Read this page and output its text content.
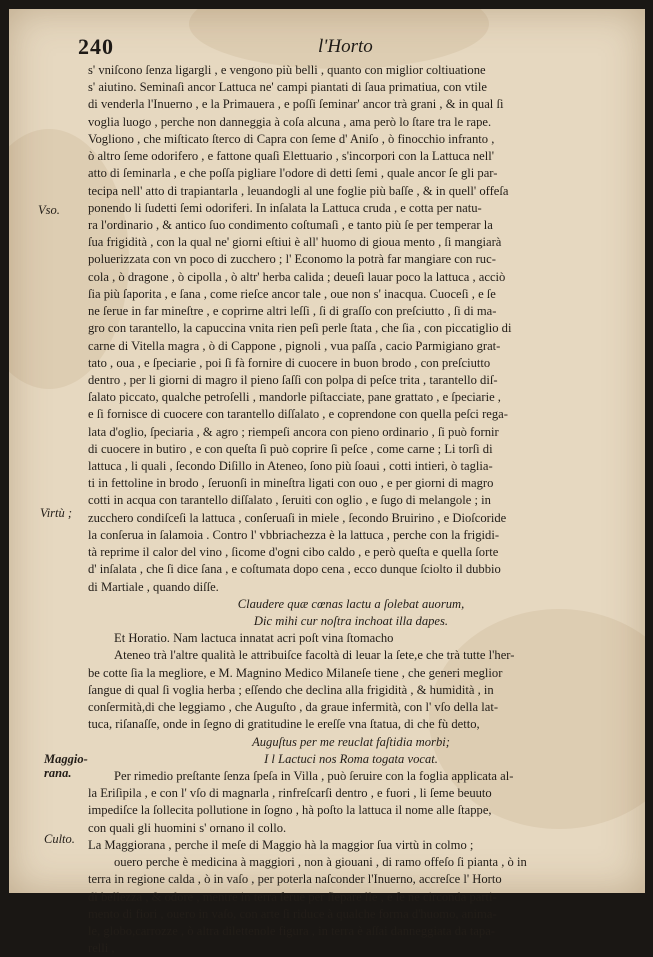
240	l'Horto
Vso.
Virtù ;
Maggio-
rana.
Culto.
s' vniſcono ſenza ligargli , e vengono più belli , quanto con miglior coltiuatione
s' aiutino. Seminaſi ancor Lattuca ne' campi piantati di ſaua primatiua, con vtile
di venderla l'Inuerno , e la Primauera , e poſſi ſeminar' ancor trà grani , & in qual ſi
voglia luogo , perche non danneggia à coſa alcuna , ama però lo ſtare tra le rape.
Vogliono , che miſticato ſterco di Capra con ſeme d' Aniſo , ò finocchio infranto ,
ò altro ſeme odorifero , e fattone quaſi Elettuario , s'incorpori con la Lattuca nell'
atto di ſeminarla , e che poſſa pigliare l'odore di detti ſemi , quale ancor ſe gli par-
tecipa nell' atto di trapiantarla , leuandogli al une foglie più baſſe , & in quell' offeſa
ponendo li ſudetti ſemi odoriferi. In inſalata la Lattuca cruda , e cotta per natu-
ra l'ordinario , & antico ſuo condimento coſtumaſi , e tanto più ſe per temperar la
ſua frigidità , con la qual ne' giorni eſtiui è all' huomo di gioua mento , ſi mangiarà
poluerizzata con vn poco di zucchero ; l' Economo la potrà far mangiare con ruc-
cola , ò dragone , ò cipolla , ò altr' herba calida ; deueſi lauar poco la lattuca , acciò
ſia più ſaporita , e ſana , come rieſce ancor tale , oue non s' inacqua. Cuoceſi , e ſe
ne ſerue in far mineſtre , e coprirne altri leſſi , ſi di graſſo con preſciutto , ſi di ma-
gro con tarantello, la capuccina vnita rien peſi perle ſtata , che ſia , con piccatiglio di
carne di Vitella magra , ò di Cappone , pignoli , vua paſſa , cacio Parmigiano grat-
tato , oua , e ſpeciarie , poi ſi fà fornire di cuocere in buon brodo , con preſciutto
dentro , per li giorni di magro il pieno ſaſſi con polpa di peſce trita , tarantello diſ-
ſalato piccato, qualche petroſelli , mandorle piſtacciate, pane grattato , e ſpeciarie ,
e ſi fornisce di cuocere con tarantello diſſalato , e coprendone con quella peſci rega-
lata d'oglio, ſpeciaria , & agro ; riempeſi ancora con pieno ordinario , ſi può fornir
di cuocere in butiro , e con queſta ſi può coprire ſi peſce , come carne ; Li torſi di
lattuca , li quali , ſecondo Diſillo in Ateneo, ſono più ſoaui , cotti intieri, ò taglia-
ti in fettoline in brodo , ſeruonſi in mineſtra ligati con ouo , e per giorni di magro
cotti in acqua con tarantello diſſalato , ſeruiti con oglio , e ſugo di melangole ; in
zucchero condiſceſi la lattuca , conſeruaſi in miele , ſecondo Bruirino , e Dioſcoride
la conſerua in ſalamoia . Contro l' vbbriachezza è la lattuca , perche con la frigidi-
tà reprime il calor del vino , ſicome d'ogni cibo caldo , e però queſta e quella ſorte
d' inſalata , che ſi dice ſana , e coſtumata dopo cena , ecco dunque ſciolto il dubbio
di Martiale , quando diſſe.
Claudere quæ cœnas lactu a ſolebat auorum,
Dic mihi cur noſtra inchoat illa dapes.
Et Horatio. Nam lactuca innatat acri poſt vina ſtomacho
Ateneo trà l'altre qualità le attribuiſce facoltà di leuar la ſete,e che trà tutte l'her-
be cotte ſia la megliore, e M. Magnino Medico Milaneſe tiene , che generi meglior
ſangue di qual ſi voglia herba ; eſſendo che declina alla frigidità , & humidità , in
conſermità,di che leggiamo , che Auguſto , da graue infermità, con l' vſo della lat-
tuca, riſanaſſe, onde in ſegno di gratitudine le ereſſe vna ſtatua, di che fù detto,
Auguſtus per me reuclat faſtidia morbi;
I l Lactuci nos Roma togata vocat.
Per rimedio preſtante ſenza ſpeſa in Villa , può ſeruire con la foglia applicata al-
la Eriſipila , e con l' vſo di magnarla , rinfreſcarſi dentro , e fuori , li ſeme beuuto
impediſce la ſollecita pollutione in ſogno , hà poſto la lattuca il nome alle ſtappe,
con quali gli huomini s' ornano il collo.
La Maggiorana , perche il meſe di Maggio hà la maggior ſua virtù in colmo ;
ouero perche è medicina à maggiori , non à giouani , di ramo offeſo ſi pianta , ò in
terra in regione calda , ò in vaſo , per poterla naſconder l'Inuerno, accreſce l' Horto
di bellezza , & odore , mentre in terra ſerue per ſiepare lle , e ſe ne circonda parti-
mento di fiori , ouero in vaſo, con arte ſi riduce à qualche forma d'huomo, anima-
le, globo,carrozze , ò altra dilettenole figura , in terra è aſſai danneggiata da tapa-
relli ,
